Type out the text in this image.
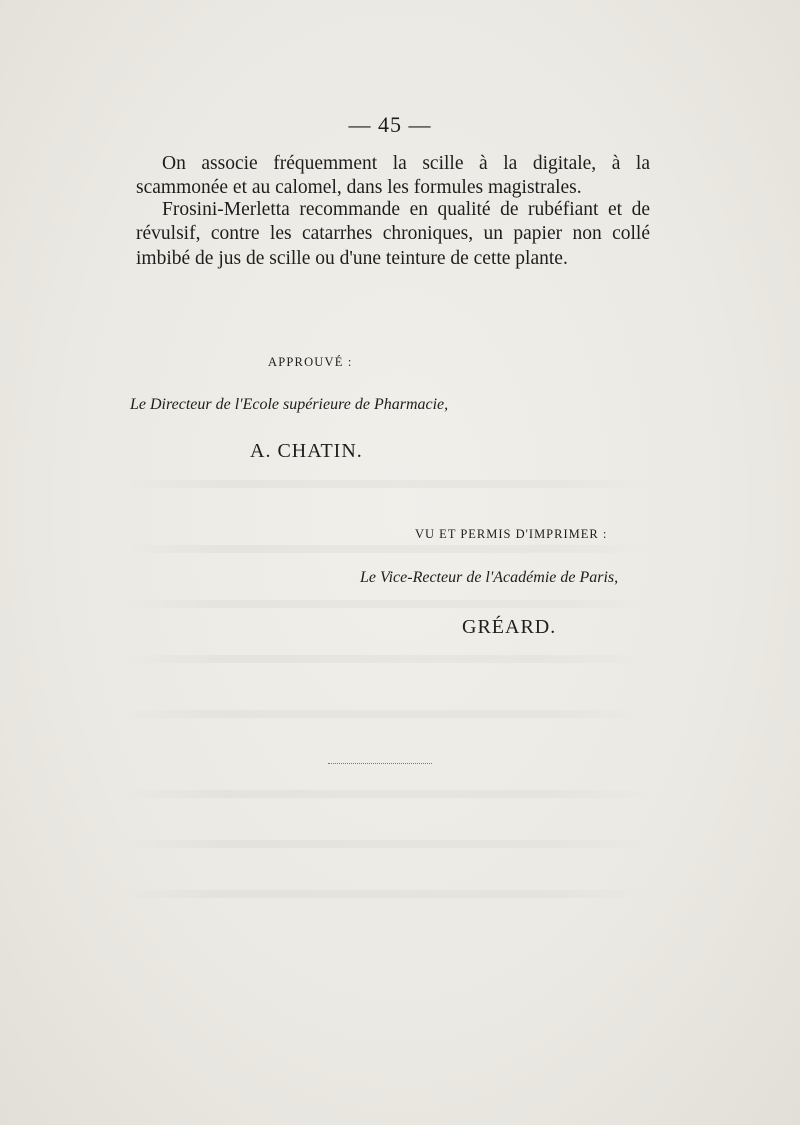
— 45 —

On associe fréquemment la scille à la digitale, à la scammonée et au calomel, dans les formules magistrales.

Frosini-Merletta recommande en qualité de rubéfiant et de révulsif, contre les catarrhes chroniques, un papier non collé imbibé de jus de scille ou d'une teinture de cette plante.

APPROUVÉ :
Le Directeur de l'Ecole supérieure de Pharmacie,
A. CHATIN.
VU ET PERMIS D'IMPRIMER :
Le Vice-Recteur de l'Académie de Paris,
GRÉARD.
